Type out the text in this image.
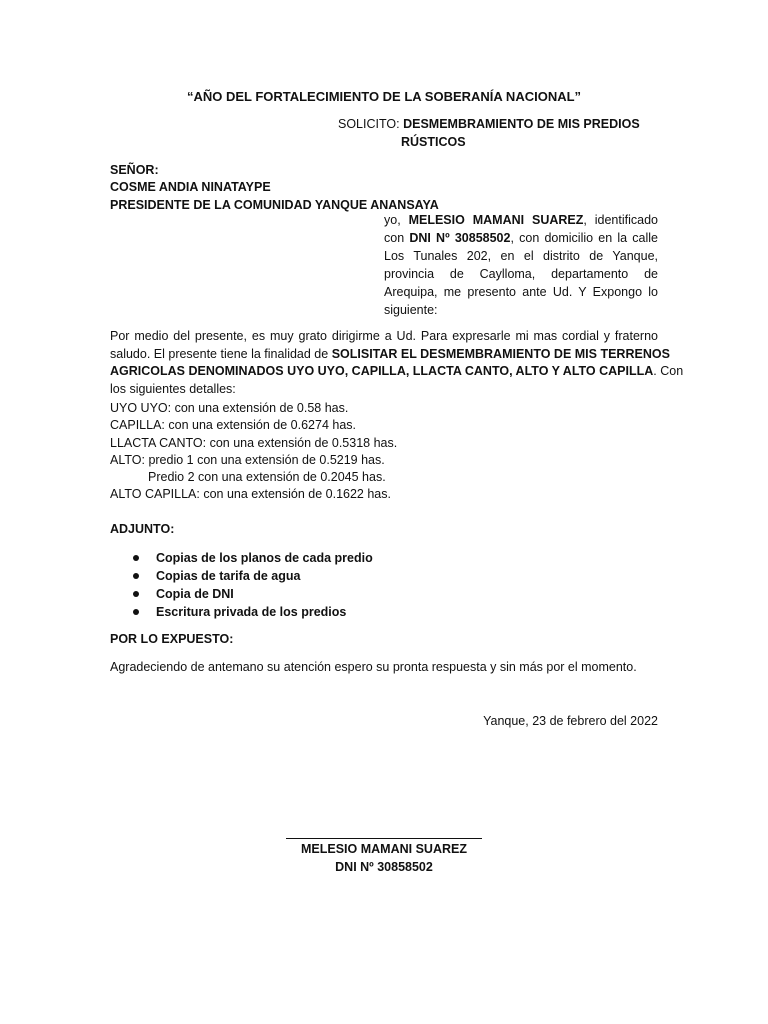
“AÑO DEL FORTALECIMIENTO DE LA SOBERANÍA NACIONAL”
SOLICITO: DESMEMBRAMIENTO DE MIS PREDIOS
RÚSTICOS
SEÑOR:
COSME ANDIA NINATAYPE
PRESIDENTE DE LA COMUNIDAD YANQUE ANANSAYA
yo, MELESIO MAMANI SUAREZ, identificado
con DNI Nº 30858502, con domicilio en la calle
Los Tunales 202, en el distrito de Yanque,
provincia de Caylloma, departamento de
Arequipa, me presento ante Ud. Y Expongo lo
siguiente:
Por medio del presente, es muy grato dirigirme a Ud. Para expresarle mi mas cordial y fraterno
saludo. El presente tiene la finalidad de SOLISITAR EL DESMEMBRAMIENTO DE MIS TERRENOS
AGRICOLAS DENOMINADOS UYO UYO, CAPILLA, LLACTA CANTO, ALTO Y ALTO CAPILLA. Con
los siguientes detalles:
UYO UYO: con una extensión de 0.58 has.
CAPILLA: con una extensión de 0.6274 has.
LLACTA CANTO: con una extensión de 0.5318 has.
ALTO: predio 1 con una extensión de 0.5219 has.
Predio 2 con una extensión de 0.2045 has.
ALTO CAPILLA: con una extensión de 0.1622 has.
ADJUNTO:
Copias de los planos de cada predio
Copias de tarifa de agua
Copia de DNI
Escritura privada de los predios
POR LO EXPUESTO:
Agradeciendo de antemano su atención espero su pronta respuesta y sin más por el momento.
Yanque, 23 de febrero del 2022
MELESIO MAMANI SUAREZ
DNI Nº 30858502
